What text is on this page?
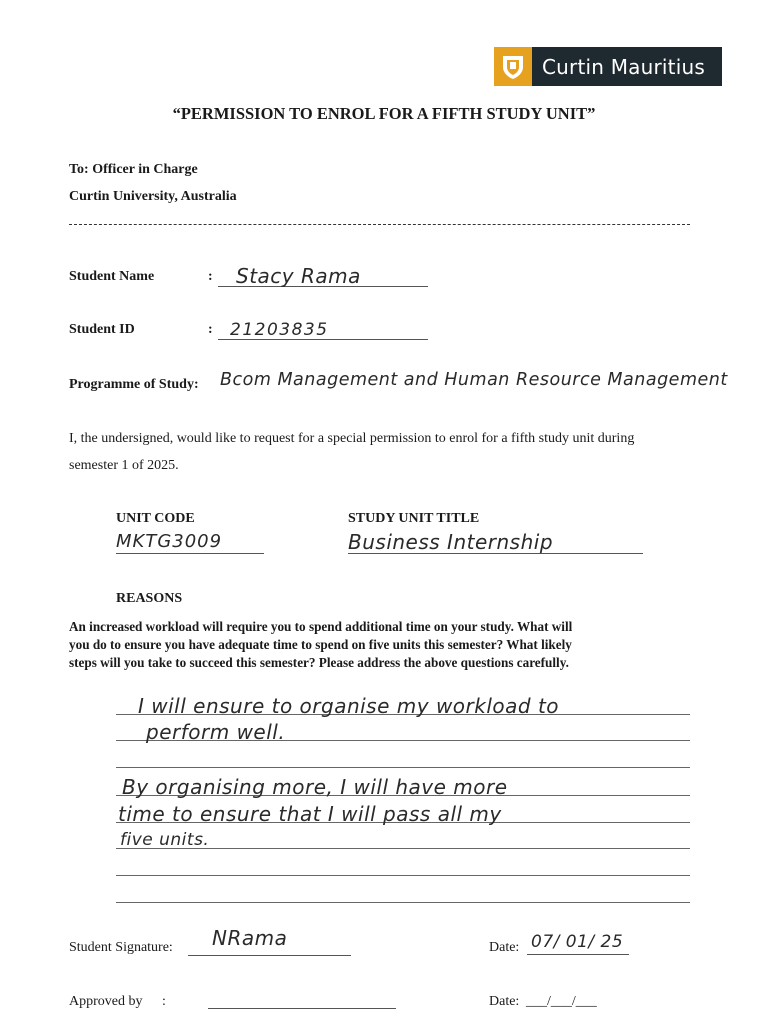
Curtin Mauritius
“PERMISSION TO ENROL FOR A FIFTH STUDY UNIT”
To: Officer in Charge
Curtin University, Australia
Student Name	: Stacy Rama
Student ID	: 21203835
Programme of Study: Bcom Management and Human Resource Management
I, the undersigned, would like to request for a special permission to enrol for a fifth study unit during
semester 1 of 2025.
UNIT CODE
MKTG3009
STUDY UNIT TITLE
Business Internship
REASONS
An increased workload will require you to spend additional time on your study. What will
you do to ensure you have adequate time to spend on five units this semester? What likely
steps will you take to succeed this semester? Please address the above questions carefully.
I will ensure to organise my workload to
perform well.
By organising more, I will have more
time to ensure that I will pass all my
five units.
Student Signature: NRama	Date: 07/ 01/ 25
Approved by :	Date: ___/___/___
